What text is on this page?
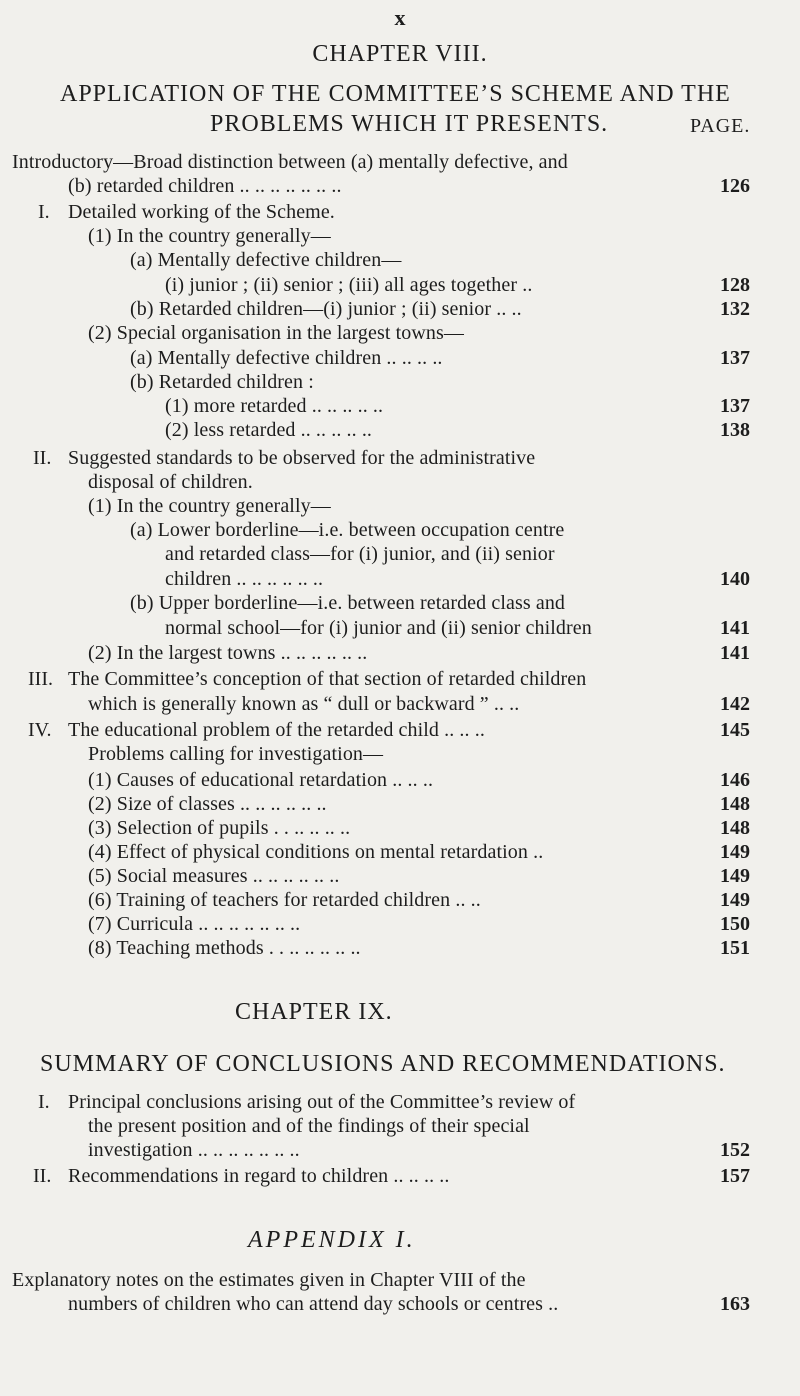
x
CHAPTER VIII.
APPLICATION OF THE COMMITTEE’S SCHEME AND THE
PROBLEMS WHICH IT PRESENTS.	PAGE.
Introductory—Broad distinction between (a) mentally defective, and
(b) retarded children .. .. .. .. .. .. ..	126
I. Detailed working of the Scheme.
(1) In the country generally—
(a) Mentally defective children—
(i) junior ; (ii) senior ; (iii) all ages together ..	128
(b) Retarded children—(i) junior ; (ii) senior .. ..	132
(2) Special organisation in the largest towns—
(a) Mentally defective children .. .. .. ..	137
(b) Retarded children :
(1) more retarded .. .. .. .. ..	137
(2) less retarded .. .. .. .. ..	138
II. Suggested standards to be observed for the administrative
disposal of children.
(1) In the country generally—
(a) Lower borderline—i.e. between occupation centre
and retarded class—for (i) junior, and (ii) senior
children .. .. .. .. .. ..	140
(b) Upper borderline—i.e. between retarded class and
normal school—for (i) junior and (ii) senior children	141
(2) In the largest towns .. .. .. .. .. ..	141
III. The Committee’s conception of that section of retarded children
which is generally known as “ dull or backward ” .. ..	142
IV. The educational problem of the retarded child .. .. ..	145
Problems calling for investigation—
(1) Causes of educational retardation .. .. ..	146
(2) Size of classes .. .. .. .. .. ..	148
(3) Selection of pupils . . .. .. .. ..	148
(4) Effect of physical conditions on mental retardation ..	149
(5) Social measures .. .. .. .. .. ..	149
(6) Training of teachers for retarded children .. ..	149
(7) Curricula .. .. .. .. .. .. ..	150
(8) Teaching methods . . .. .. .. .. ..	151
CHAPTER IX.
SUMMARY OF CONCLUSIONS AND RECOMMENDATIONS.
I. Principal conclusions arising out of the Committee’s review of
the present position and of the findings of their special
investigation .. .. .. .. .. .. ..	152
II. Recommendations in regard to children .. .. .. ..	157
APPENDIX I.
Explanatory notes on the estimates given in Chapter VIII of the
numbers of children who can attend day schools or centres ..	163
